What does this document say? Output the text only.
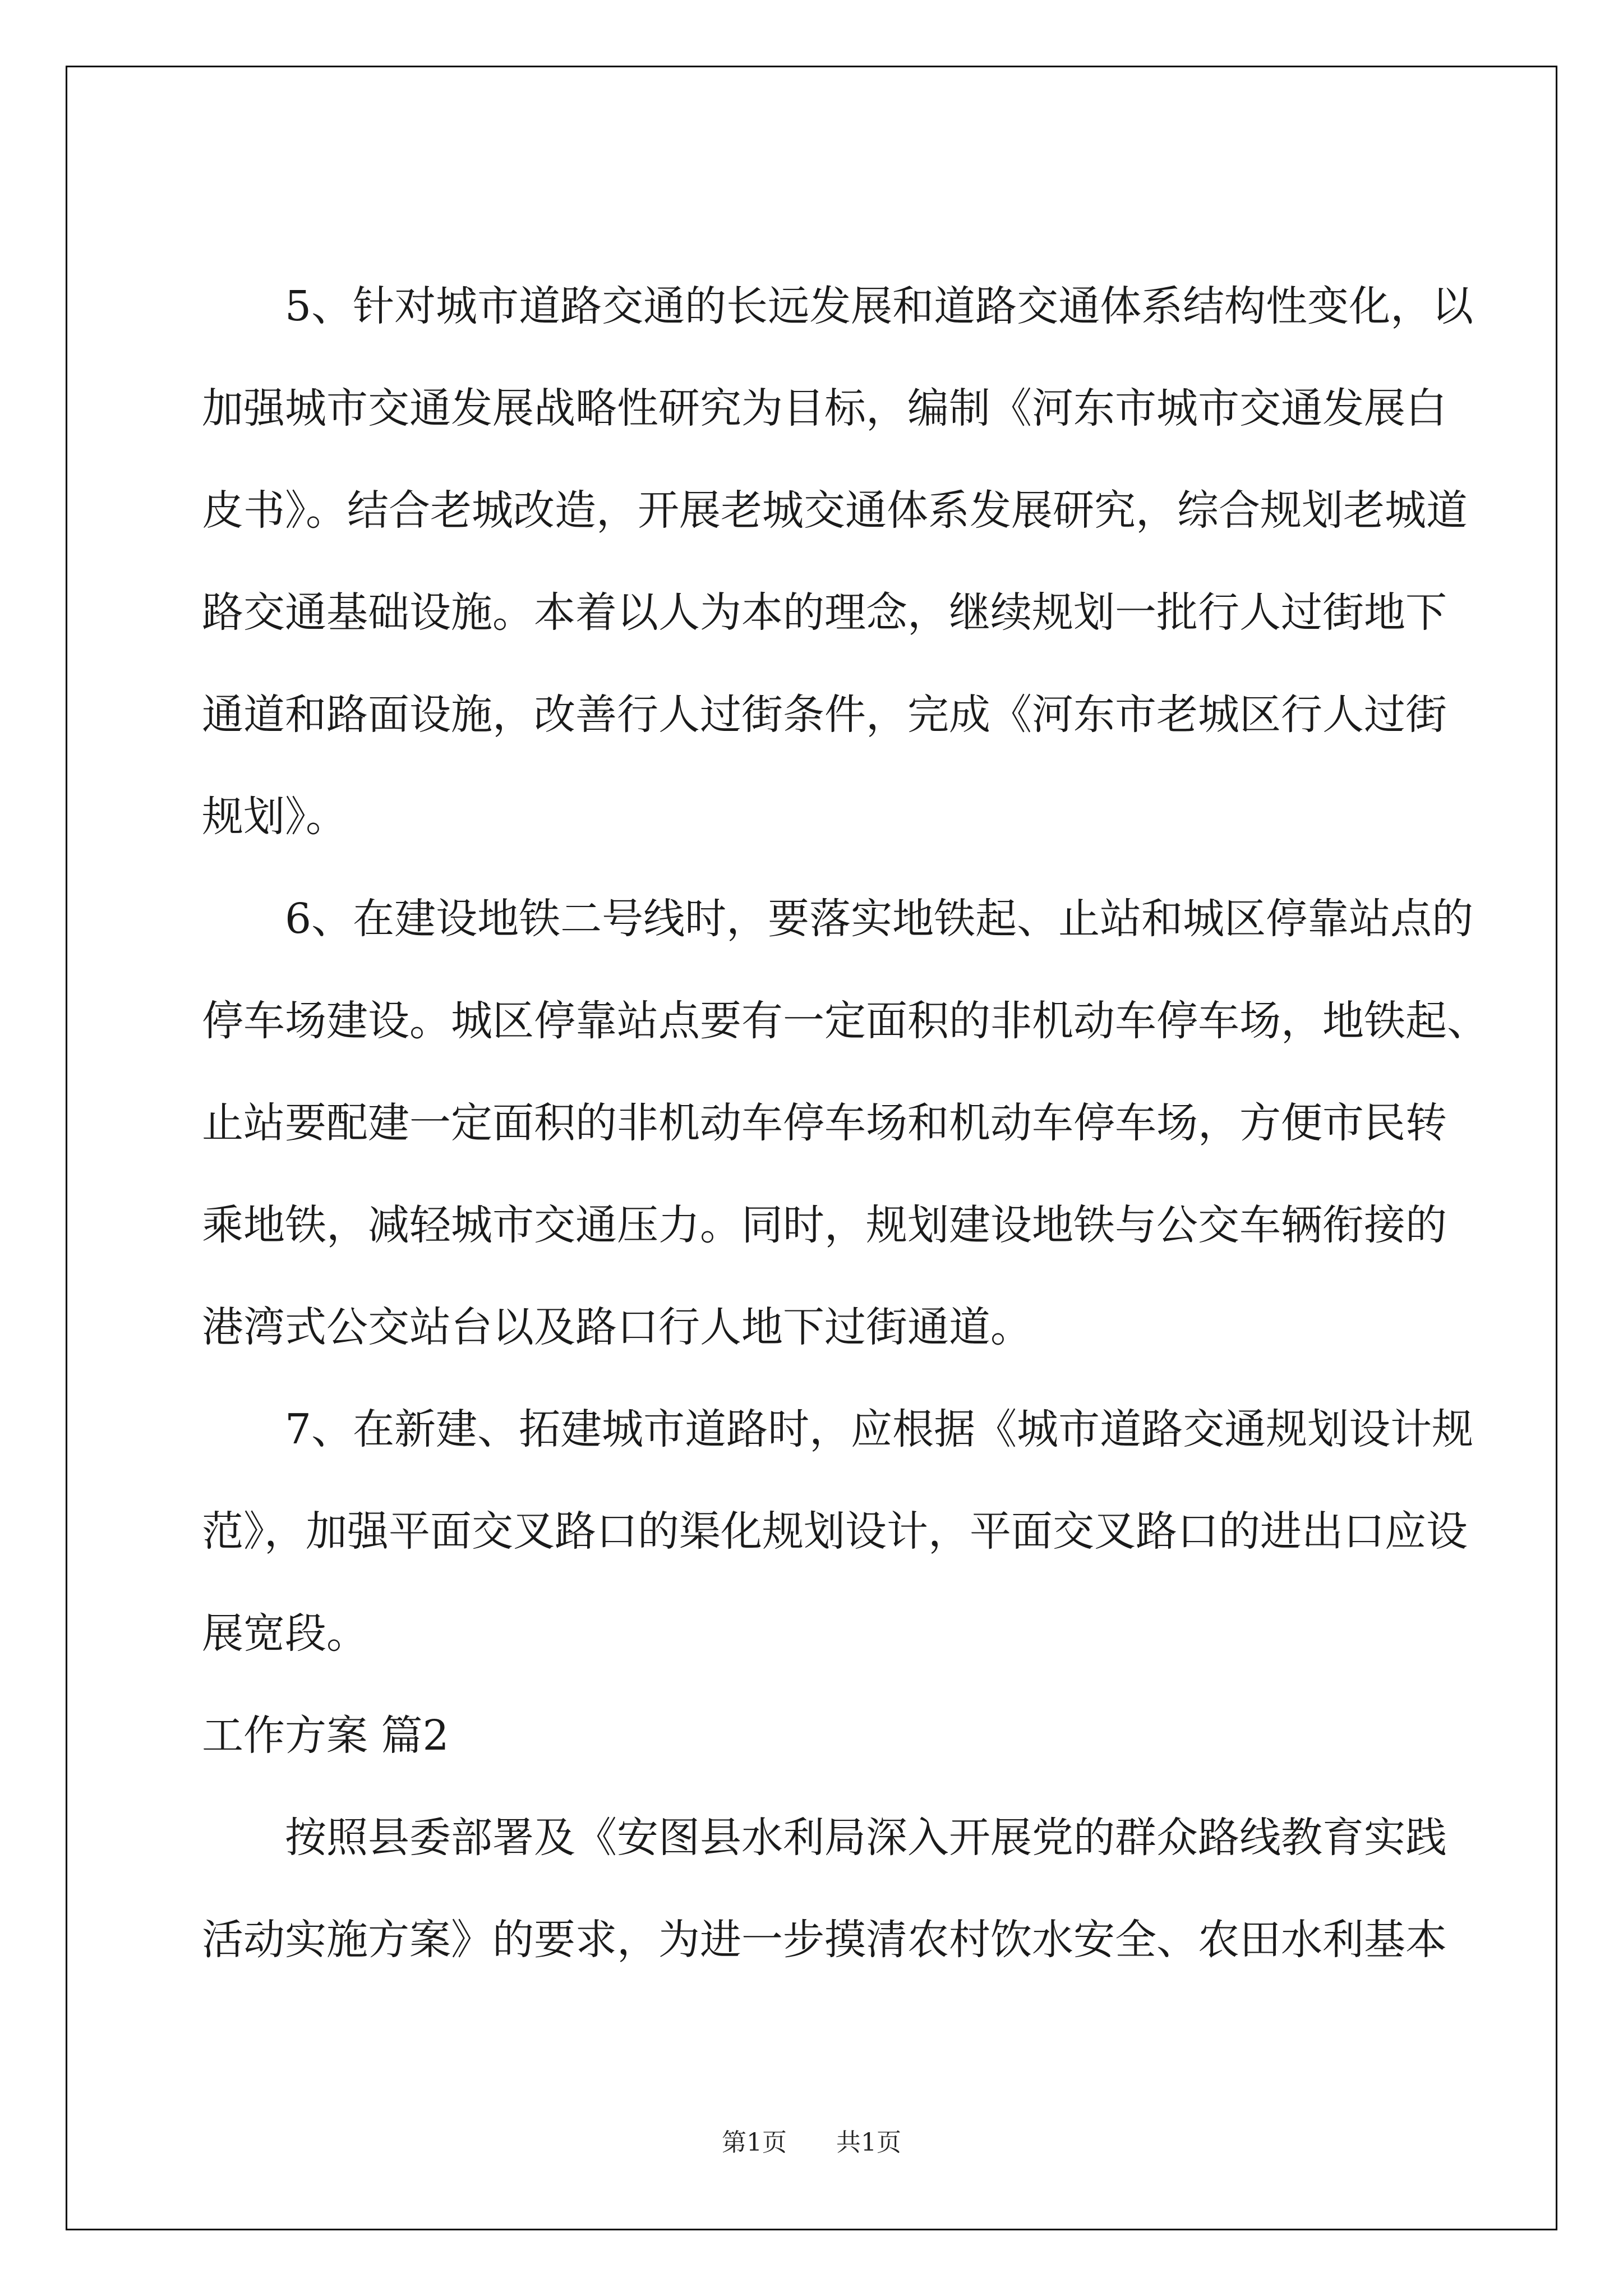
5、针对城市道路交通的长远发展和道路交通体系结构性变化，以
加强城市交通发展战略性研究为目标，编制《河东市城市交通发展白
皮书》。结合老城改造，开展老城交通体系发展研究，综合规划老城道
路交通基础设施。本着以人为本的理念，继续规划一批行人过街地下
通道和路面设施，改善行人过街条件，完成《河东市老城区行人过街
规划》。

6、在建设地铁二号线时，要落实地铁起、止站和城区停靠站点的
停车场建设。城区停靠站点要有一定面积的非机动车停车场，地铁起、
止站要配建一定面积的非机动车停车场和机动车停车场，方便市民转
乘地铁，减轻城市交通压力。同时，规划建设地铁与公交车辆衔接的
港湾式公交站台以及路口行人地下过街通道。

7、在新建、拓建城市道路时，应根据《城市道路交通规划设计规
范》，加强平面交叉路口的渠化规划设计，平面交叉路口的进出口应设
展宽段。

工作方案 篇2

按照县委部署及《安图县水利局深入开展党的群众路线教育实践
活动实施方案》的要求，为进一步摸清农村饮水安全、农田水利基本

第1页 共1页
